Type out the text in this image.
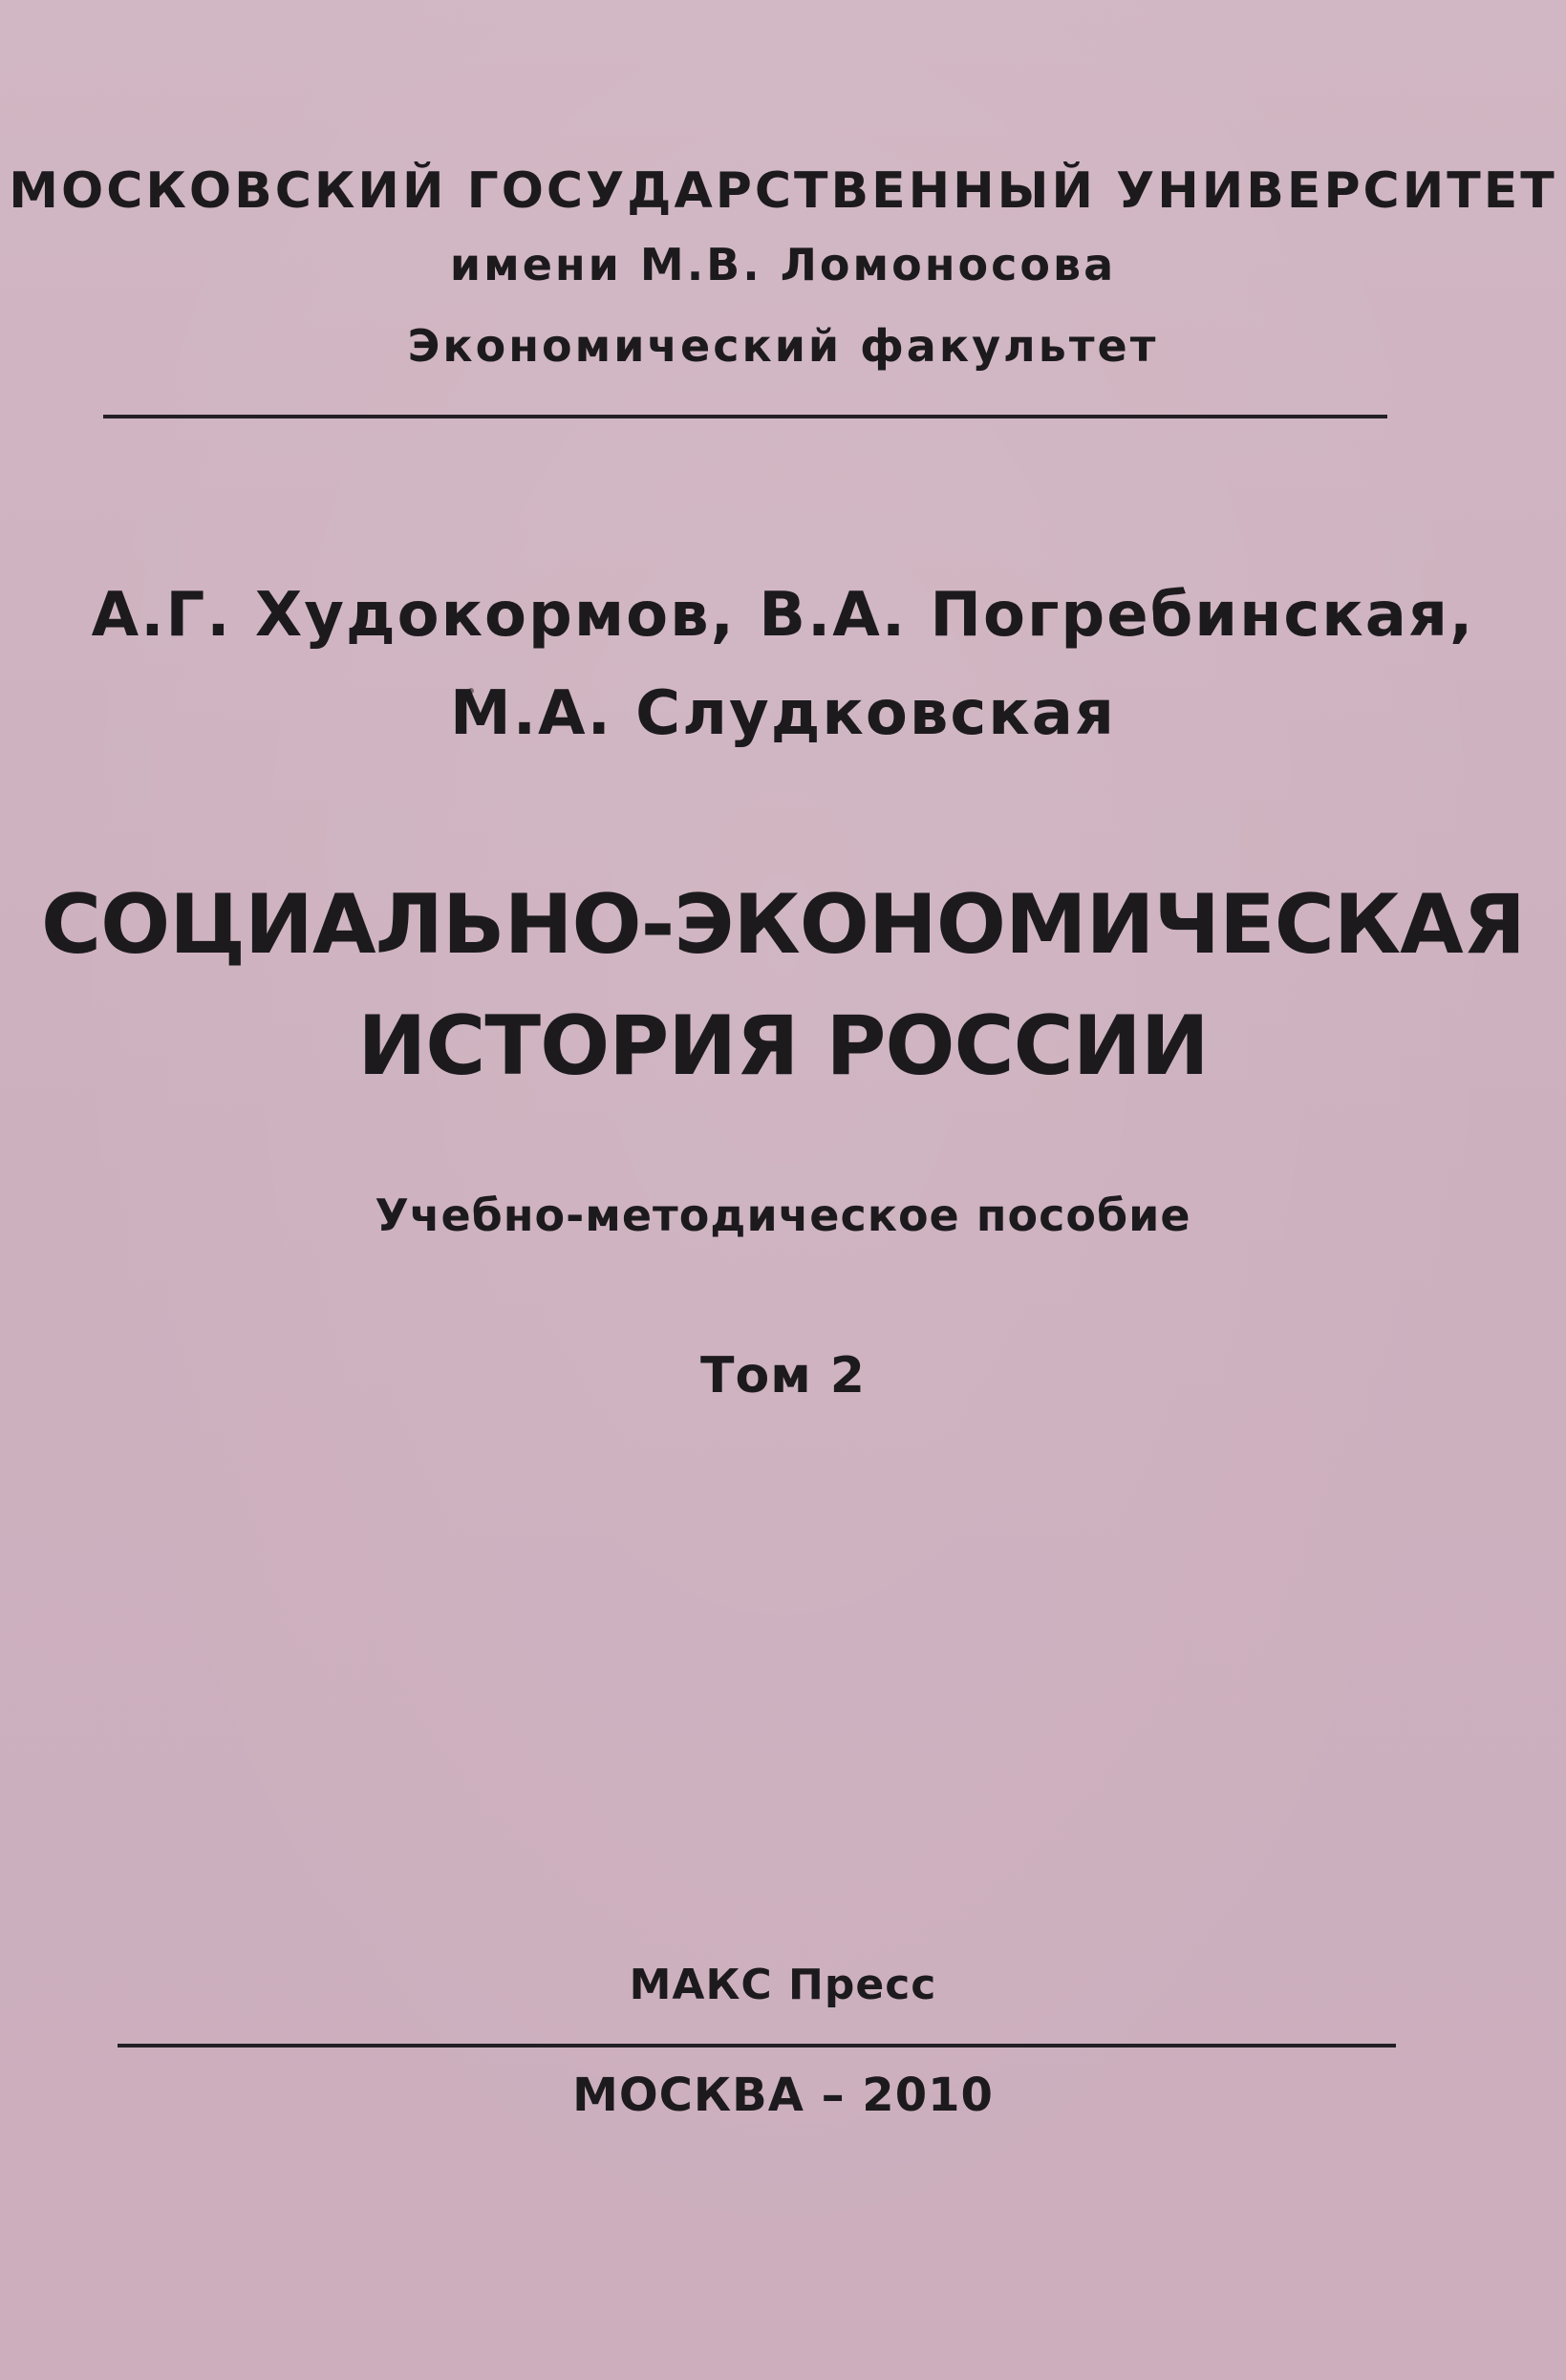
МОСКОВСКИЙ ГОСУДАРСТВЕННЫЙ УНИВЕРСИТЕТ
имени М.В. Ломоносова
Экономический факультет
А.Г. Худокормов, В.А. Погребинская,
М.А. Слудковская
СОЦИАЛЬНО-ЭКОНОМИЧЕСКАЯ
ИСТОРИЯ РОССИИ
Учебно-методическое пособие
Том 2
МАКС Пресс
МОСКВА – 2010
